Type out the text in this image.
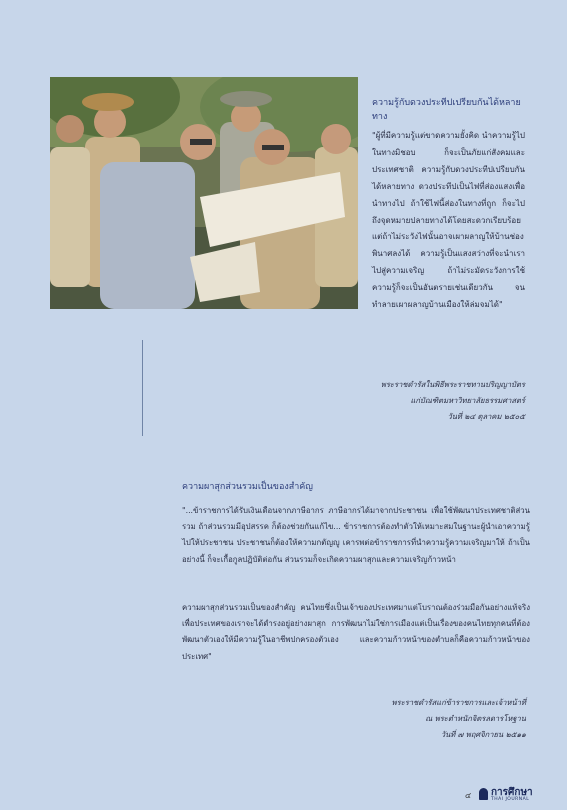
ความรู้กับดวงประทีปเปรียบกันได้หลายทาง

"ผู้ที่มีความรู้แต่ขาดความยั้งคิด นำความรู้ไปในทางมิชอบ ก็จะเป็นภัยแก่สังคมและประเทศชาติ ความรู้กับดวงประทีปเปรียบกันได้หลายทาง ดวงประทีปเป็นไฟที่ส่องแสงเพื่อนำทางไป ถ้าใช้ไฟนี้ส่องในทางที่ถูก ก็จะไปถึงจุดหมายปลายทางได้โดยสะดวกเรียบร้อย แต่ถ้าไม่ระวังไฟนั้นอาจเผาผลาญให้บ้านช่องพินาศลงได้ ความรู้เป็นแสงสว่างที่จะนำเราไปสู่ความเจริญ ถ้าไม่ระมัดระวังการใช้ ความรู้ก็จะเป็นอันตรายเช่นเดียวกัน จนทำลายเผาผลาญบ้านเมืองให้ล่มจมได้"

พระราชดำรัสในพิธีพระราชทานปริญญาบัตร
แก่บัณฑิตมหาวิทยาลัยธรรมศาสตร์
วันที่ ๒๔ ตุลาคม ๒๕๐๕
ความผาสุกส่วนรวมเป็นของสำคัญ
"...ข้าราชการได้รับเงินเดือนจากภาษีอากร ภาษีอากรได้มาจากประชาชน เพื่อใช้พัฒนาประเทศชาติส่วนรวม ถ้าส่วนรวมมีอุปสรรค ก็ต้องช่วยกันแก้ไข... ข้าราชการต้องทำตัวให้เหมาะสมในฐานะผู้นำเอาความรู้ไปให้ประชาชน ประชาชนก็ต้องให้ความกตัญญู เคารพต่อข้าราชการที่นำความรู้ความเจริญมาให้ ถ้าเป็นอย่างนี้ ก็จะเกื้อกูลปฏิบัติต่อกัน ส่วนรวมก็จะเกิดความผาสุกและความเจริญก้าวหน้า
ความผาสุกส่วนรวมเป็นของสำคัญ คนไทยซึ่งเป็นเจ้าของประเทศมาแต่โบราณต้องร่วมมือกันอย่างแท้จริง เพื่อประเทศของเราจะได้ดำรงอยู่อย่างผาสุก การพัฒนาไม่ใช่การเมืองแต่เป็นเรื่องของคนไทยทุกคนที่ต้องพัฒนาตัวเองให้มีความรู้ในอาชีพปกครองตัวเอง และความก้าวหน้าของตำบลก็คือความก้าวหน้าของประเทศ"
พระราชดำรัสแก่ข้าราชการและเจ้าหน้าที่
ณ พระตำหนักจิตรลดารโหฐาน
วันที่ ๗ พฤศจิกายน ๒๕๑๑
๔ การศึกษา
THAI JOURNAL
